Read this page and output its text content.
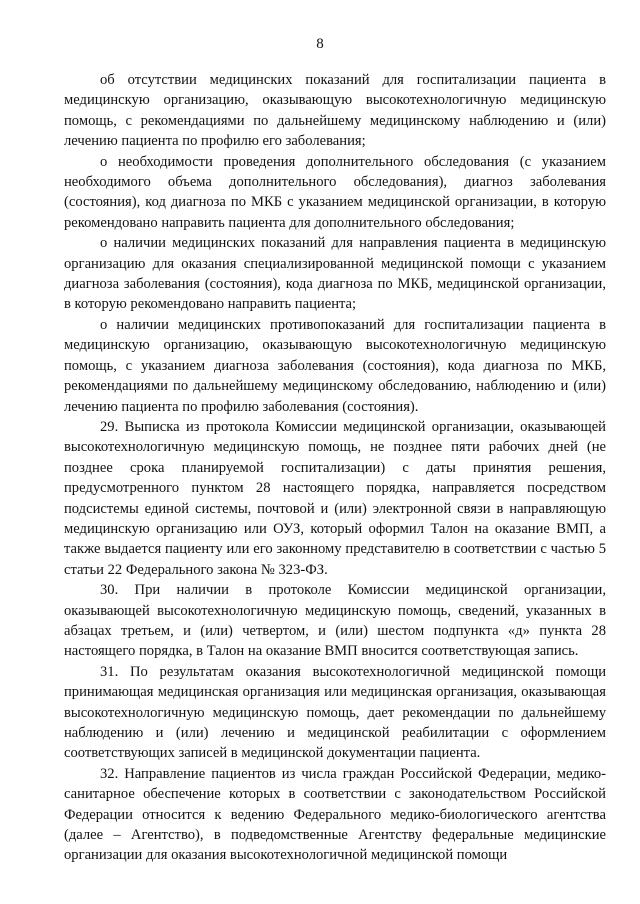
8

об отсутствии медицинских показаний для госпитализации пациента в медицинскую организацию, оказывающую высокотехнологичную медицинскую помощь, с рекомендациями по дальнейшему медицинскому наблюдению и (или) лечению пациента по профилю его заболевания;

о необходимости проведения дополнительного обследования (с указанием необходимого объема дополнительного обследования), диагноз заболевания (состояния), код диагноза по МКБ с указанием медицинской организации, в которую рекомендовано направить пациента для дополнительного обследования;

о наличии медицинских показаний для направления пациента в медицинскую организацию для оказания специализированной медицинской помощи с указанием диагноза заболевания (состояния), кода диагноза по МКБ, медицинской организации, в которую рекомендовано направить пациента;

о наличии медицинских противопоказаний для госпитализации пациента в медицинскую организацию, оказывающую высокотехнологичную медицинскую помощь, с указанием диагноза заболевания (состояния), кода диагноза по МКБ, рекомендациями по дальнейшему медицинскому обследованию, наблюдению и (или) лечению пациента по профилю заболевания (состояния).

29. Выписка из протокола Комиссии медицинской организации, оказывающей высокотехнологичную медицинскую помощь, не позднее пяти рабочих дней (не позднее срока планируемой госпитализации) с даты принятия решения, предусмотренного пунктом 28 настоящего порядка, направляется посредством подсистемы единой системы, почтовой и (или) электронной связи в направляющую медицинскую организацию или ОУЗ, который оформил Талон на оказание ВМП, а также выдается пациенту или его законному представителю в соответствии с частью 5 статьи 22 Федерального закона № 323-ФЗ.

30. При наличии в протоколе Комиссии медицинской организации, оказывающей высокотехнологичную медицинскую помощь, сведений, указанных в абзацах третьем, и (или) четвертом, и (или) шестом подпункта «д» пункта 28 настоящего порядка, в Талон на оказание ВМП вносится соответствующая запись.

31. По результатам оказания высокотехнологичной медицинской помощи принимающая медицинская организация или медицинская организация, оказывающая высокотехнологичную медицинскую помощь, дает рекомендации по дальнейшему наблюдению и (или) лечению и медицинской реабилитации с оформлением соответствующих записей в медицинской документации пациента.

32. Направление пациентов из числа граждан Российской Федерации, медико-санитарное обеспечение которых в соответствии с законодательством Российской Федерации относится к ведению Федерального медико-биологического агентства (далее – Агентство), в подведомственные Агентству федеральные медицинские организации для оказания высокотехнологичной медицинской помощи
